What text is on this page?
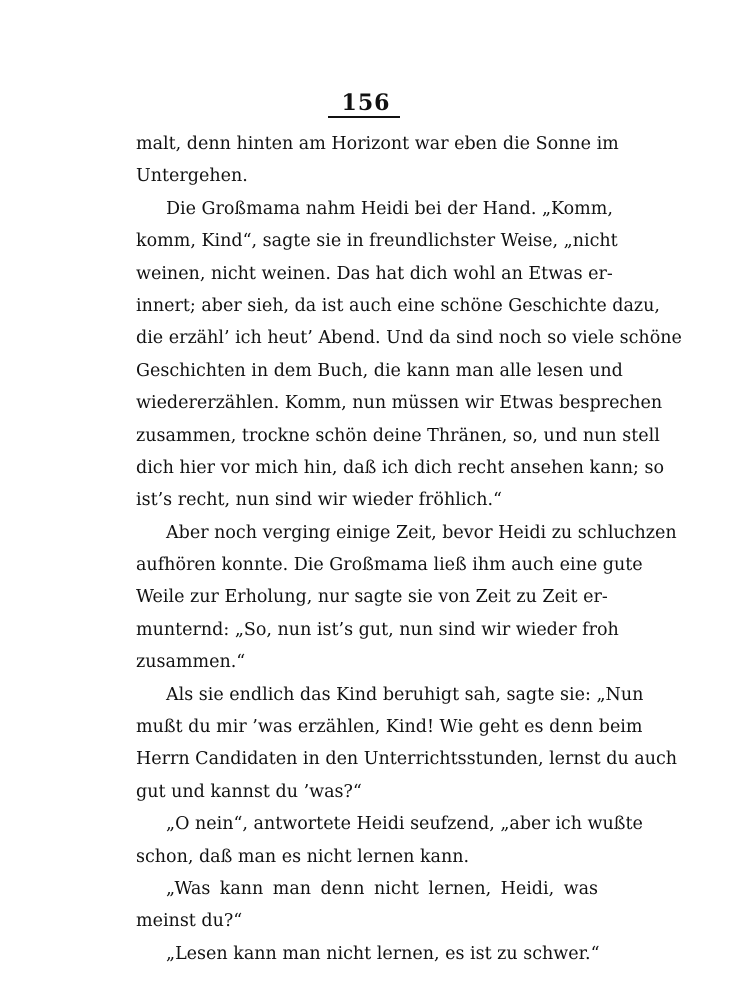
156
malt, denn hinten am Horizont war eben die Sonne im
Untergehen.
Die Großmama nahm Heidi bei der Hand. „Komm,
komm, Kind“, sagte sie in freundlichster Weise, „nicht
weinen, nicht weinen. Das hat dich wohl an Etwas er-
innert; aber sieh, da ist auch eine schöne Geschichte dazu,
die erzähl’ ich heut’ Abend. Und da sind noch so viele schöne
Geschichten in dem Buch, die kann man alle lesen und
wiedererzählen. Komm, nun müssen wir Etwas besprechen
zusammen, trockne schön deine Thränen, so, und nun stell
dich hier vor mich hin, daß ich dich recht ansehen kann; so
ist’s recht, nun sind wir wieder fröhlich.“
Aber noch verging einige Zeit, bevor Heidi zu schluchzen
aufhören konnte. Die Großmama ließ ihm auch eine gute
Weile zur Erholung, nur sagte sie von Zeit zu Zeit er-
munternd: „So, nun ist’s gut, nun sind wir wieder froh
zusammen.“
Als sie endlich das Kind beruhigt sah, sagte sie: „Nun
mußt du mir ’was erzählen, Kind! Wie geht es denn beim
Herrn Candidaten in den Unterrichtsstunden, lernst du auch
gut und kannst du ’was?“
„O nein“, antwortete Heidi seufzend, „aber ich wußte
schon, daß man es nicht lernen kann.
„Was kann man denn nicht lernen, Heidi, was
meinst du?“
„Lesen kann man nicht lernen, es ist zu schwer.“
